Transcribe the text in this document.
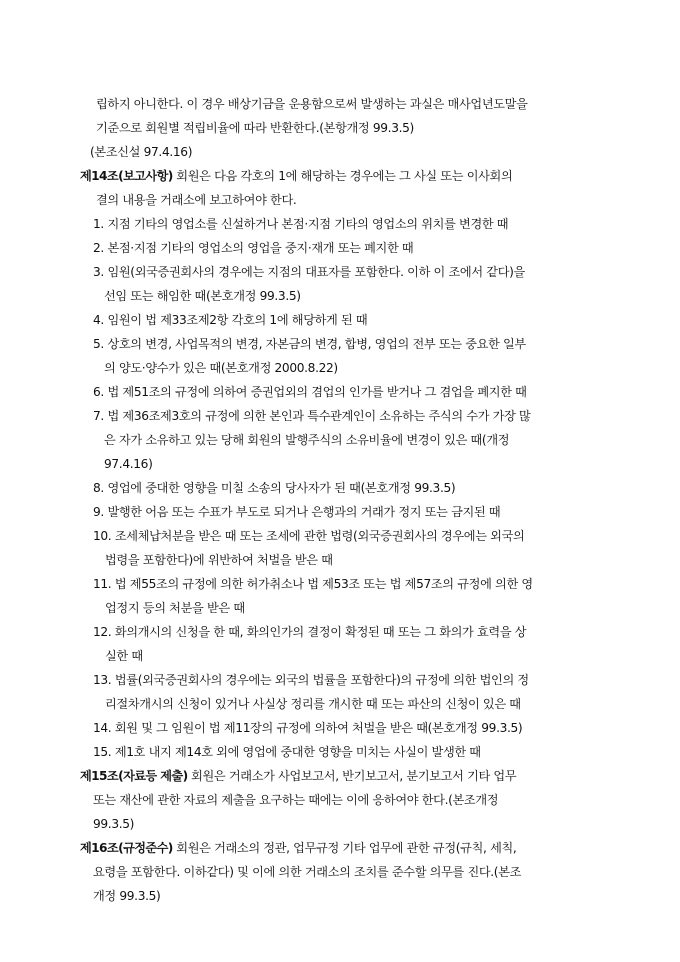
립하지 아니한다. 이 경우 배상기금을 운용함으로써 발생하는 과실은 매사업년도말을
기준으로 회원별 적립비율에 따라 반환한다.(본항개정 99.3.5)
(본조신설 97.4.16)
제14조(보고사항) 회원은 다음 각호의 1에 해당하는 경우에는 그 사실 또는 이사회의
결의 내용을 거래소에 보고하여야 한다.
1. 지점 기타의 영업소를 신설하거나 본점·지점 기타의 영업소의 위치를 변경한 때
2. 본점·지점 기타의 영업소의 영업을 중지·재개 또는 폐지한 때
3. 임원(외국증권회사의 경우에는 지점의 대표자를 포함한다. 이하 이 조에서 같다)을
선임 또는 해임한 때(본호개정 99.3.5)
4. 임원이 법 제33조제2항 각호의 1에 해당하게 된 때
5. 상호의 변경, 사업목적의 변경, 자본금의 변경, 합병, 영업의 전부 또는 중요한 일부
의 양도·양수가 있은 때(본호개정 2000.8.22)
6. 법 제51조의 규정에 의하여 증권업외의 겸업의 인가를 받거나 그 겸업을 폐지한 때
7. 법 제36조제3호의 규정에 의한 본인과 특수관계인이 소유하는 주식의 수가 가장 많
은 자가 소유하고 있는 당해 회원의 발행주식의 소유비율에 변경이 있은 때(개정
97.4.16)
8. 영업에 중대한 영향을 미칠 소송의 당사자가 된 때(본호개정 99.3.5)
9. 발행한 어음 또는 수표가 부도로 되거나 은행과의 거래가 정지 또는 금지된 때
10. 조세체납처분을 받은 때 또는 조세에 관한 법령(외국증권회사의 경우에는 외국의
법령을 포함한다)에 위반하여 처벌을 받은 때
11. 법 제55조의 규정에 의한 허가취소나 법 제53조 또는 법 제57조의 규정에 의한 영
업정지 등의 처분을 받은 때
12. 화의개시의 신청을 한 때, 화의인가의 결정이 확정된 때 또는 그 화의가 효력을 상
실한 때
13. 법률(외국증권회사의 경우에는 외국의 법률을 포함한다)의 규정에 의한 법인의 정
리절차개시의 신청이 있거나 사실상 정리를 개시한 때 또는 파산의 신청이 있은 때
14. 회원 및 그 임원이 법 제11장의 규정에 의하여 처벌을 받은 때(본호개정 99.3.5)
15. 제1호 내지 제14호 외에 영업에 중대한 영향을 미치는 사실이 발생한 때
제15조(자료등 제출) 회원은 거래소가 사업보고서, 반기보고서, 분기보고서 기타 업무
또는 재산에 관한 자료의 제출을 요구하는 때에는 이에 응하여야 한다.(본조개정
99.3.5)
제16조(규정준수) 회원은 거래소의 정관, 업무규정 기타 업무에 관한 규정(규칙, 세칙,
요령을 포함한다. 이하같다) 및 이에 의한 거래소의 조치를 준수할 의무를 진다.(본조
개정 99.3.5)
